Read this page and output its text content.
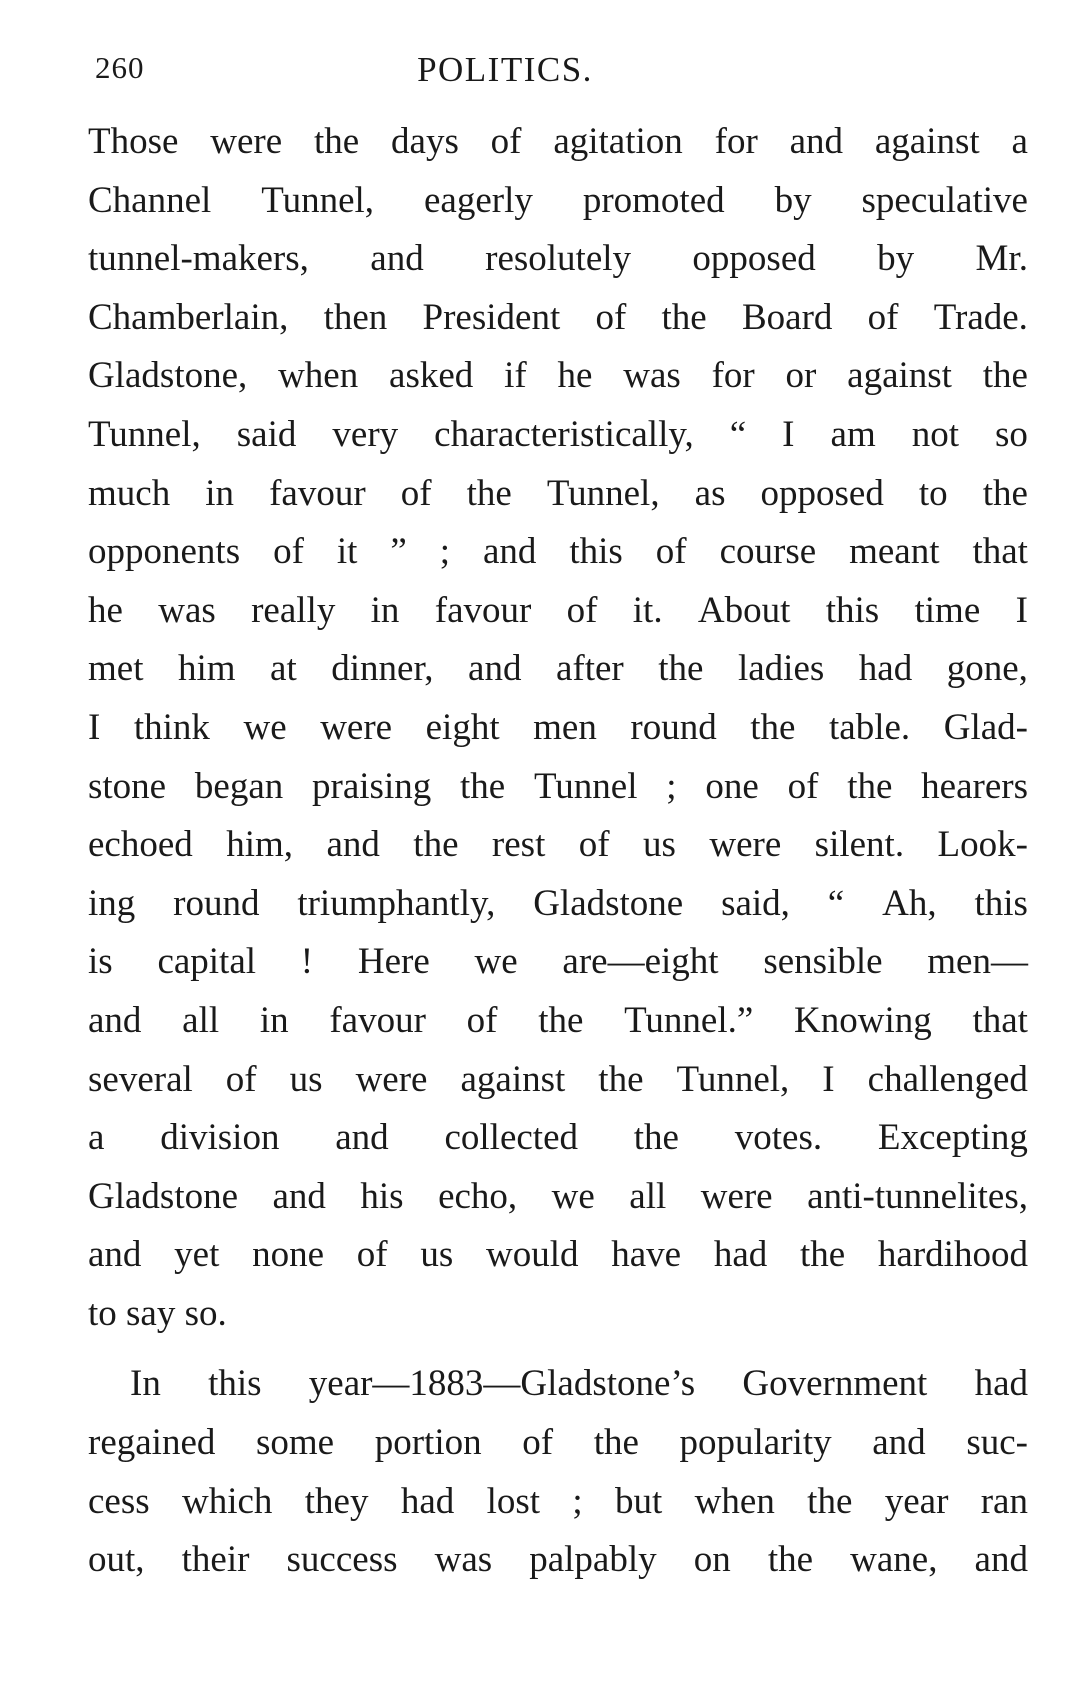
260	POLITICS.
Those were the days of agitation for and against a
Channel Tunnel, eagerly promoted by speculative
tunnel-makers, and resolutely opposed by Mr.
Chamberlain, then President of the Board of Trade.
Gladstone, when asked if he was for or against the
Tunnel, said very characteristically, “ I am not so
much in favour of the Tunnel, as opposed to the
opponents of it ” ; and this of course meant that
he was really in favour of it. About this time I
met him at dinner, and after the ladies had gone,
I think we were eight men round the table. Glad-
stone began praising the Tunnel ; one of the hearers
echoed him, and the rest of us were silent. Look-
ing round triumphantly, Gladstone said, “ Ah, this
is capital ! Here we are—eight sensible men—
and all in favour of the Tunnel.” Knowing that
several of us were against the Tunnel, I challenged
a division and collected the votes. Excepting
Gladstone and his echo, we all were anti-tunnelites,
and yet none of us would have had the hardihood
to say so.
In this year—1883—Gladstone’s Government had
regained some portion of the popularity and suc-
cess which they had lost ; but when the year ran
out, their success was palpably on the wane, and
